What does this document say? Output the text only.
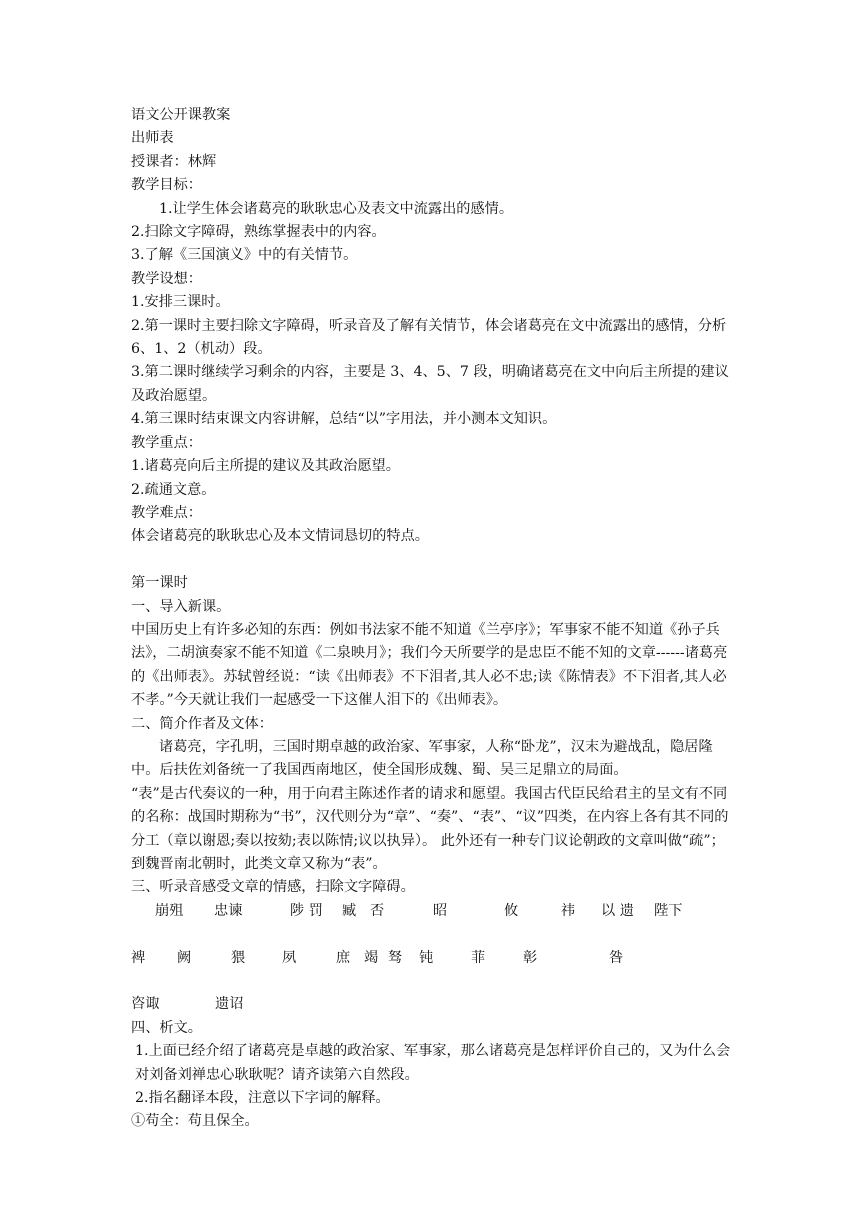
语文公开课教案
出师表
授课者：林辉
教学目标：
1.让学生体会诸葛亮的耿耿忠心及表文中流露出的感情。
2.扫除文字障碍，熟练掌握表中的内容。
3.了解《三国演义》中的有关情节。
教学设想：
1.安排三课时。
2.第一课时主要扫除文字障碍，听录音及了解有关情节，体会诸葛亮在文中流露出的感情，分析 6、1、2（机动）段。
3.第二课时继续学习剩余的内容，主要是 3、4、5、7 段，明确诸葛亮在文中向后主所提的建议及政治愿望。
4.第三课时结束课文内容讲解，总结“以”字用法，并小测本文知识。
教学重点：
1.诸葛亮向后主所提的建议及其政治愿望。
2.疏通文意。
教学难点：
体会诸葛亮的耿耿忠心及本文情词恳切的特点。
第一课时
一、导入新课。
中国历史上有许多必知的东西：例如书法家不能不知道《兰亭序》；军事家不能不知道《孙子兵法》，二胡演奏家不能不知道《二泉映月》；我们今天所要学的是忠臣不能不知的文章------诸葛亮的《出师表》。苏轼曾经说：“读《出师表》不下泪者,其人必不忠;读《陈情表》不下泪者,其人必不孝。”今天就让我们一起感受一下这催人泪下的《出师表》。
二、简介作者及文体：
诸葛亮，字孔明，三国时期卓越的政治家、军事家，人称“卧龙”，汉末为避战乱，隐居隆中。后扶佐刘备统一了我国西南地区，使全国形成魏、蜀、吴三足鼎立的局面。
“表”是古代奏议的一种，用于向君主陈述作者的请求和愿望。我国古代臣民给君主的呈文有不同的名称：战国时期称为“书”，汉代则分为“章”、“奏”、“表”、“议”四类，在内容上各有其不同的分工（章以谢恩;奏以按劾;表以陈情;议以执异）。 此外还有一种专门议论朝政的文章叫做“疏”；到魏晋南北朝时，此类文章又称为“表”。
三、听录音感受文章的情感，扫除文字障碍。
崩殂 忠谏	陟 罚 臧 否	昭	攸	祎 以 遗 陛下
裨 阙	猥	夙	庶 竭 驽 钝	菲	彰	咎
咨诹	遗诏
四、析文。
1.上面已经介绍了诸葛亮是卓越的政治家、军事家，那么诸葛亮是怎样评价自己的，又为什么会对刘备刘禅忠心耿耿呢？请齐读第六自然段。
2.指名翻译本段，注意以下字词的解释。
①苟全：苟且保全。
